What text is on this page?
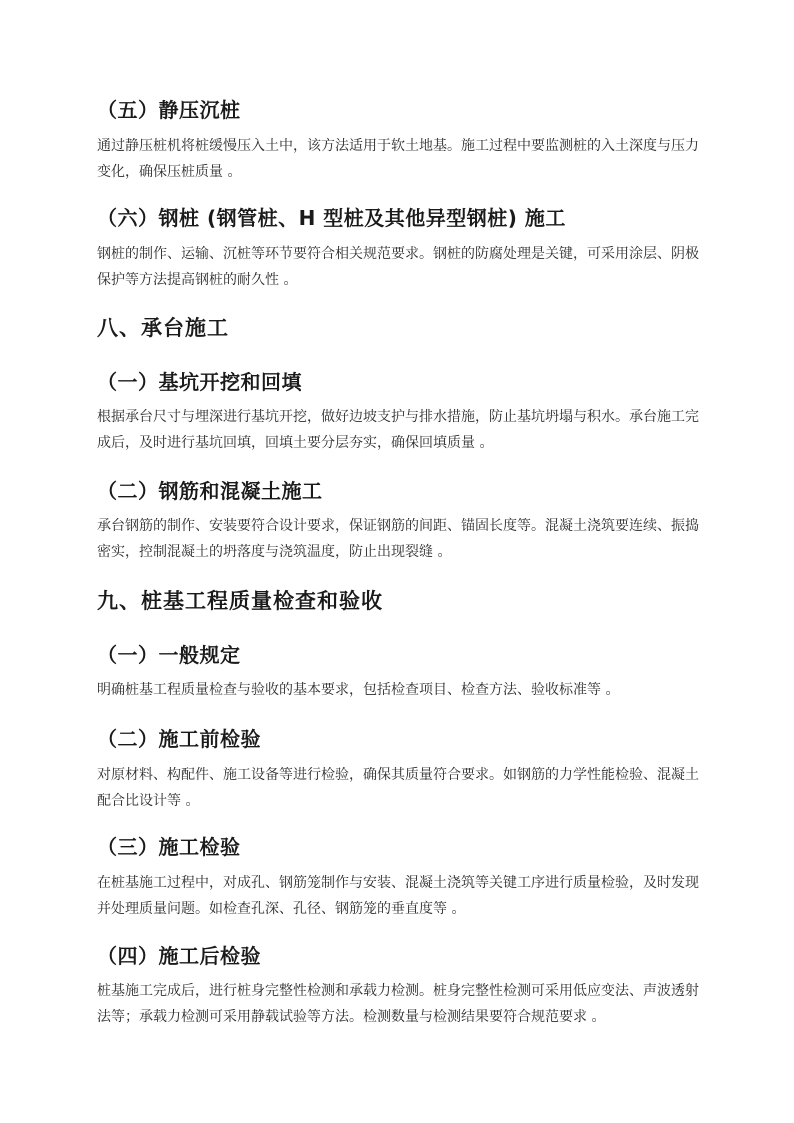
（五）静压沉桩

通过静压桩机将桩缓慢压入土中，该方法适用于软土地基。施工过程中要监测桩的入土深度与压力变化，确保压桩质量 。

（六）钢桩 (钢管桩、H 型桩及其他异型钢桩) 施工

钢桩的制作、运输、沉桩等环节要符合相关规范要求。钢桩的防腐处理是关键，可采用涂层、阴极保护等方法提高钢桩的耐久性 。

八、承台施工
（一）基坑开挖和回填

根据承台尺寸与埋深进行基坑开挖，做好边坡支护与排水措施，防止基坑坍塌与积水。承台施工完成后，及时进行基坑回填，回填土要分层夯实，确保回填质量 。

（二）钢筋和混凝土施工

承台钢筋的制作、安装要符合设计要求，保证钢筋的间距、锚固长度等。混凝土浇筑要连续、振捣密实，控制混凝土的坍落度与浇筑温度，防止出现裂缝 。

九、桩基工程质量检查和验收
（一）一般规定

明确桩基工程质量检查与验收的基本要求，包括检查项目、检查方法、验收标准等 。

（二）施工前检验

对原材料、构配件、施工设备等进行检验，确保其质量符合要求。如钢筋的力学性能检验、混凝土配合比设计等 。

（三）施工检验

在桩基施工过程中，对成孔、钢筋笼制作与安装、混凝土浇筑等关键工序进行质量检验，及时发现并处理质量问题。如检查孔深、孔径、钢筋笼的垂直度等 。

（四）施工后检验

桩基施工完成后，进行桩身完整性检测和承载力检测。桩身完整性检测可采用低应变法、声波透射法等；承载力检测可采用静载试验等方法。检测数量与检测结果要符合规范要求 。
